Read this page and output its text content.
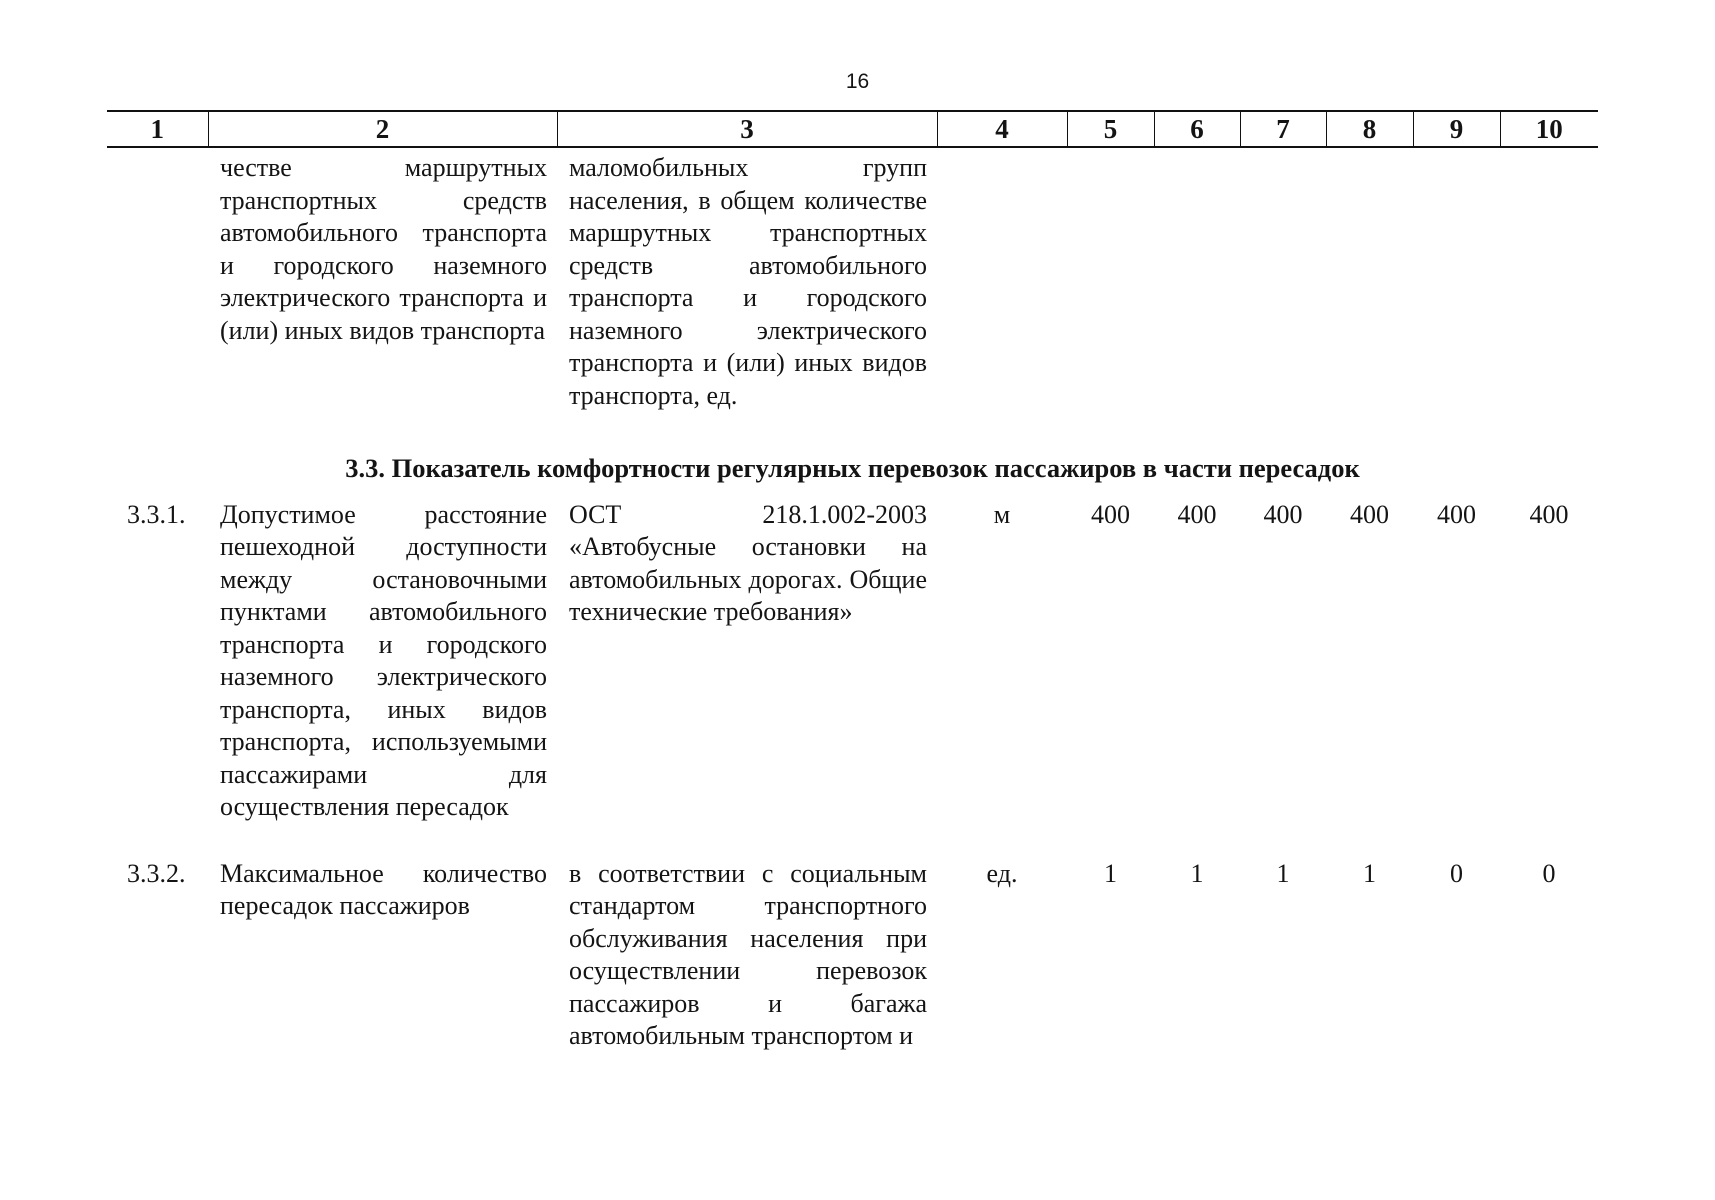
16
1	2	3	4	5	6	7	8	9	10
	честве маршрутных транспортных средств автомобильного транспорта и городского наземного электрического транспорта и (или) иных видов транспорта	маломобильных групп населения, в общем количестве маршрутных транспортных средств автомобильного транспорта и городского наземного электрического транспорта и (или) иных видов транспорта, ед.							
3.3. Показатель комфортности регулярных перевозок пассажиров в части пересадок									
3.3.1.	Допустимое расстояние пешеходной доступности между остановочными пунктами автомобильного транспорта и городского наземного электрического транспорта, иных видов транспорта, используемыми пассажирами для осуществления пересадок	ОСТ 218.1.002-2003 «Автобусные остановки на автомобильных дорогах. Общие технические требования»	м	400	400	400	400	400	400
3.3.2.	Максимальное количество пересадок пассажиров	в соответствии с социальным стандартом транспортного обслуживания населения при осуществлении перевозок пассажиров и багажа автомобильным транспортом и	ед.	1	1	1	1	0	0
